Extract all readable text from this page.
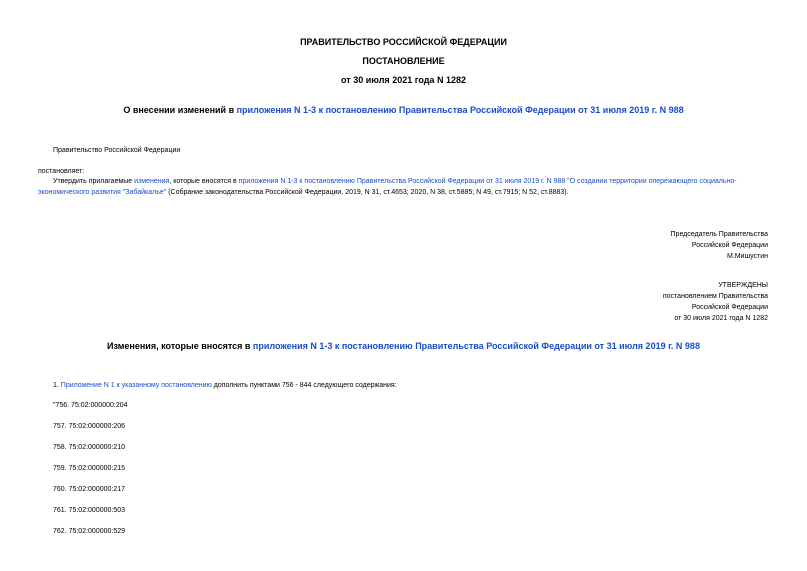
ПРАВИТЕЛЬСТВО РОССИЙСКОЙ ФЕДЕРАЦИИ
ПОСТАНОВЛЕНИЕ
от 30 июля 2021 года N 1282
О внесении изменений в приложения N 1-3 к постановлению Правительства Российской Федерации от 31 июля 2019 г. N 988
Правительство Российской Федерации
постановляет:
Утвердить прилагаемые изменения, которые вносятся в приложения N 1-3 к постановлению Правительства Российской Федерации от 31 июля 2019 г. N 988 "О создании территории опережающего социально-экономического развития "Забайкалье" (Собрание законодательства Российской Федерации, 2019, N 31, ст.4653; 2020, N 38, ст.5885; N 49, ст.7915; N 52, ст.8883).
Председатель Правительства
Российской Федерации
М.Мишустин
УТВЕРЖДЕНЫ
постановлением Правительства
Российской Федерации
от 30 июля 2021 года N 1282
Изменения, которые вносятся в приложения N 1-3 к постановлению Правительства Российской Федерации от 31 июля 2019 г. N 988
1. Приложение N 1 к указанному постановлению дополнить пунктами 756 - 844 следующего содержания:
"756. 75:02:000000:204
757. 75:02:000000:206
758. 75:02:000000:210
759. 75:02:000000:215
760. 75:02:000000:217
761. 75:02:000000:503
762. 75:02:000000:529
